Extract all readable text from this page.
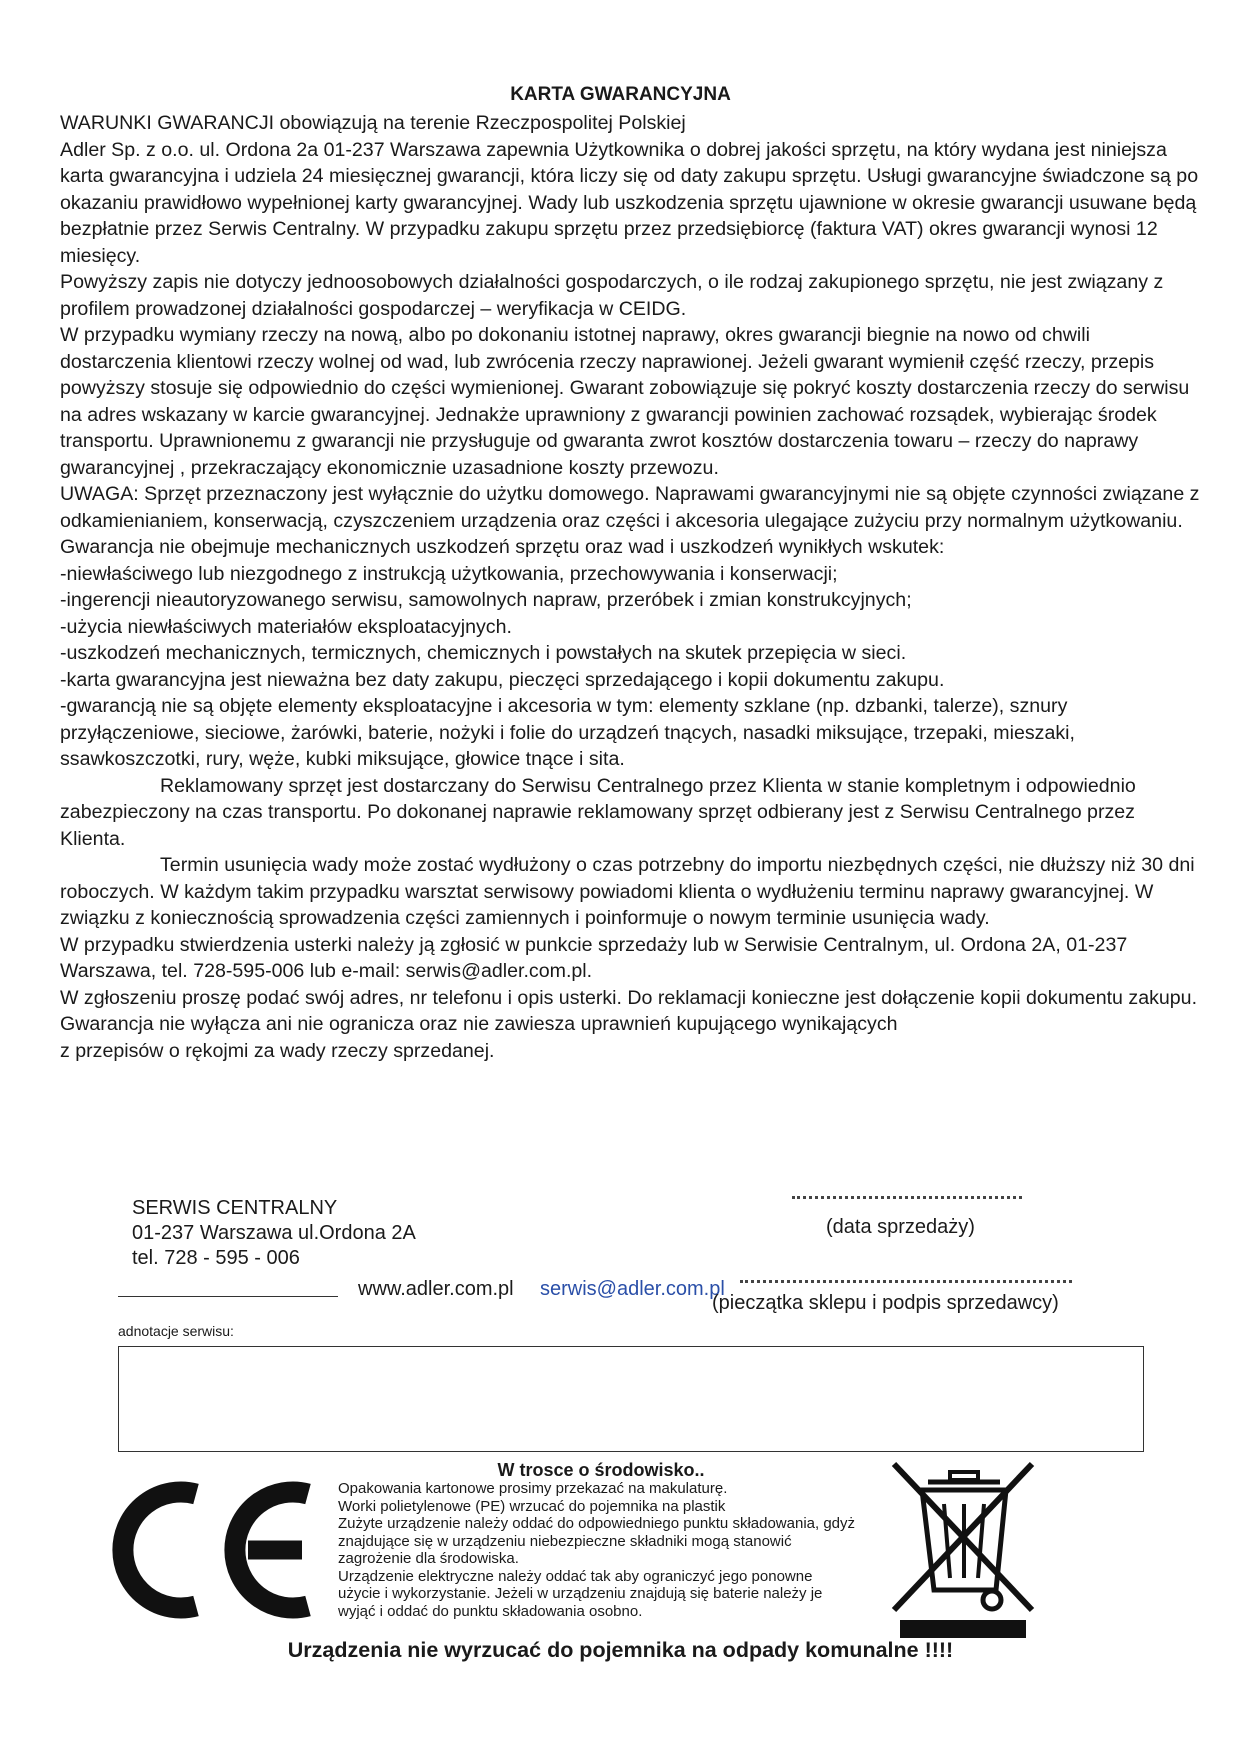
KARTA GWARANCYJNA

WARUNKI GWARANCJI obowiązują na terenie Rzeczpospolitej Polskiej

Adler Sp. z o.o. ul. Ordona 2a 01-237 Warszawa zapewnia Użytkownika o dobrej jakości sprzętu, na który wydana jest niniejsza karta gwarancyjna i udziela 24 miesięcznej gwarancji, która liczy się od daty zakupu sprzętu. Usługi gwarancyjne świadczone są po okazaniu prawidłowo wypełnionej karty gwarancyjnej. Wady lub uszkodzenia sprzętu ujawnione w okresie gwarancji usuwane będą bezpłatnie przez Serwis Centralny. W przypadku zakupu sprzętu przez przedsiębiorcę (faktura VAT) okres gwarancji wynosi 12 miesięcy.

Powyższy zapis nie dotyczy jednoosobowych działalności gospodarczych, o ile rodzaj zakupionego sprzętu, nie jest związany z profilem prowadzonej działalności gospodarczej – weryfikacja w CEIDG.

W przypadku wymiany rzeczy na nową, albo po dokonaniu istotnej naprawy, okres gwarancji biegnie na nowo od chwili dostarczenia klientowi rzeczy wolnej od wad, lub zwrócenia rzeczy naprawionej. Jeżeli gwarant wymienił część rzeczy, przepis powyższy stosuje się odpowiednio do części wymienionej. Gwarant zobowiązuje się pokryć koszty dostarczenia rzeczy do serwisu na adres wskazany w karcie gwarancyjnej. Jednakże uprawniony z gwarancji powinien zachować rozsądek, wybierając środek transportu. Uprawnionemu z gwarancji nie przysługuje od gwaranta zwrot kosztów dostarczenia towaru – rzeczy do naprawy gwarancyjnej , przekraczający ekonomicznie uzasadnione koszty przewozu.

UWAGA: Sprzęt przeznaczony jest wyłącznie do użytku domowego. Naprawami gwarancyjnymi nie są objęte czynności związane z odkamienianiem, konserwacją, czyszczeniem urządzenia oraz części i akcesoria ulegające zużyciu przy normalnym użytkowaniu. Gwarancja nie obejmuje mechanicznych uszkodzeń sprzętu oraz wad i uszkodzeń wynikłych wskutek:

-niewłaściwego lub niezgodnego z instrukcją użytkowania, przechowywania i konserwacji;

-ingerencji nieautoryzowanego serwisu, samowolnych napraw, przeróbek i zmian konstrukcyjnych;

-użycia niewłaściwych materiałów eksploatacyjnych.

-uszkodzeń mechanicznych, termicznych, chemicznych i powstałych na skutek przepięcia w sieci.

-karta gwarancyjna jest nieważna bez daty zakupu, pieczęci sprzedającego i kopii dokumentu zakupu.

-gwarancją nie są objęte elementy eksploatacyjne i akcesoria w tym: elementy szklane (np. dzbanki, talerze), sznury przyłączeniowe, sieciowe, żarówki, baterie, nożyki i folie do urządzeń tnących, nasadki miksujące, trzepaki, mieszaki, ssawkoszczotki, rury, węże, kubki miksujące, głowice tnące i sita.

Reklamowany sprzęt jest dostarczany do Serwisu Centralnego przez Klienta w stanie kompletnym i odpowiednio zabezpieczony na czas transportu. Po dokonanej naprawie reklamowany sprzęt odbierany jest z Serwisu Centralnego przez Klienta.

Termin usunięcia wady może zostać wydłużony o czas potrzebny do importu niezbędnych części, nie dłuższy niż 30 dni roboczych. W każdym takim przypadku warsztat serwisowy powiadomi klienta o wydłużeniu terminu naprawy gwarancyjnej. W związku z koniecznością sprowadzenia części zamiennych i poinformuje o nowym terminie usunięcia wady.

W przypadku stwierdzenia usterki należy ją zgłosić w punkcie sprzedaży lub w Serwisie Centralnym, ul. Ordona 2A, 01-237 Warszawa, tel. 728-595-006 lub e-mail: serwis@adler.com.pl.

W zgłoszeniu proszę podać swój adres, nr telefonu i opis usterki. Do reklamacji konieczne jest dołączenie kopii dokumentu zakupu.

Gwarancja nie wyłącza ani nie ogranicza oraz nie zawiesza uprawnień kupującego wynikających

z przepisów o rękojmi za wady rzeczy sprzedanej.

SERWIS CENTRALNY
01-237 Warszawa ul.Ordona 2A
tel. 728 - 595 - 006
www.adler.com.pl serwis@adler.com.pl
(data sprzedaży)
(pieczątka sklepu i podpis sprzedawcy)
adnotacje serwisu:
W trosce o środowisko..

Opakowania kartonowe prosimy przekazać na makulaturę.

Worki polietylenowe (PE) wrzucać do pojemnika na plastik

Zużyte urządzenie należy oddać do odpowiedniego punktu składowania, gdyż znajdujące się w urządzeniu niebezpieczne składniki mogą stanowić zagrożenie dla środowiska.

Urządzenie elektryczne należy oddać tak aby ograniczyć jego ponowne użycie i wykorzystanie. Jeżeli w urządzeniu znajdują się baterie należy je wyjąć i oddać do punktu składowania osobno.

Urządzenia nie wyrzucać do pojemnika na odpady komunalne !!!!
